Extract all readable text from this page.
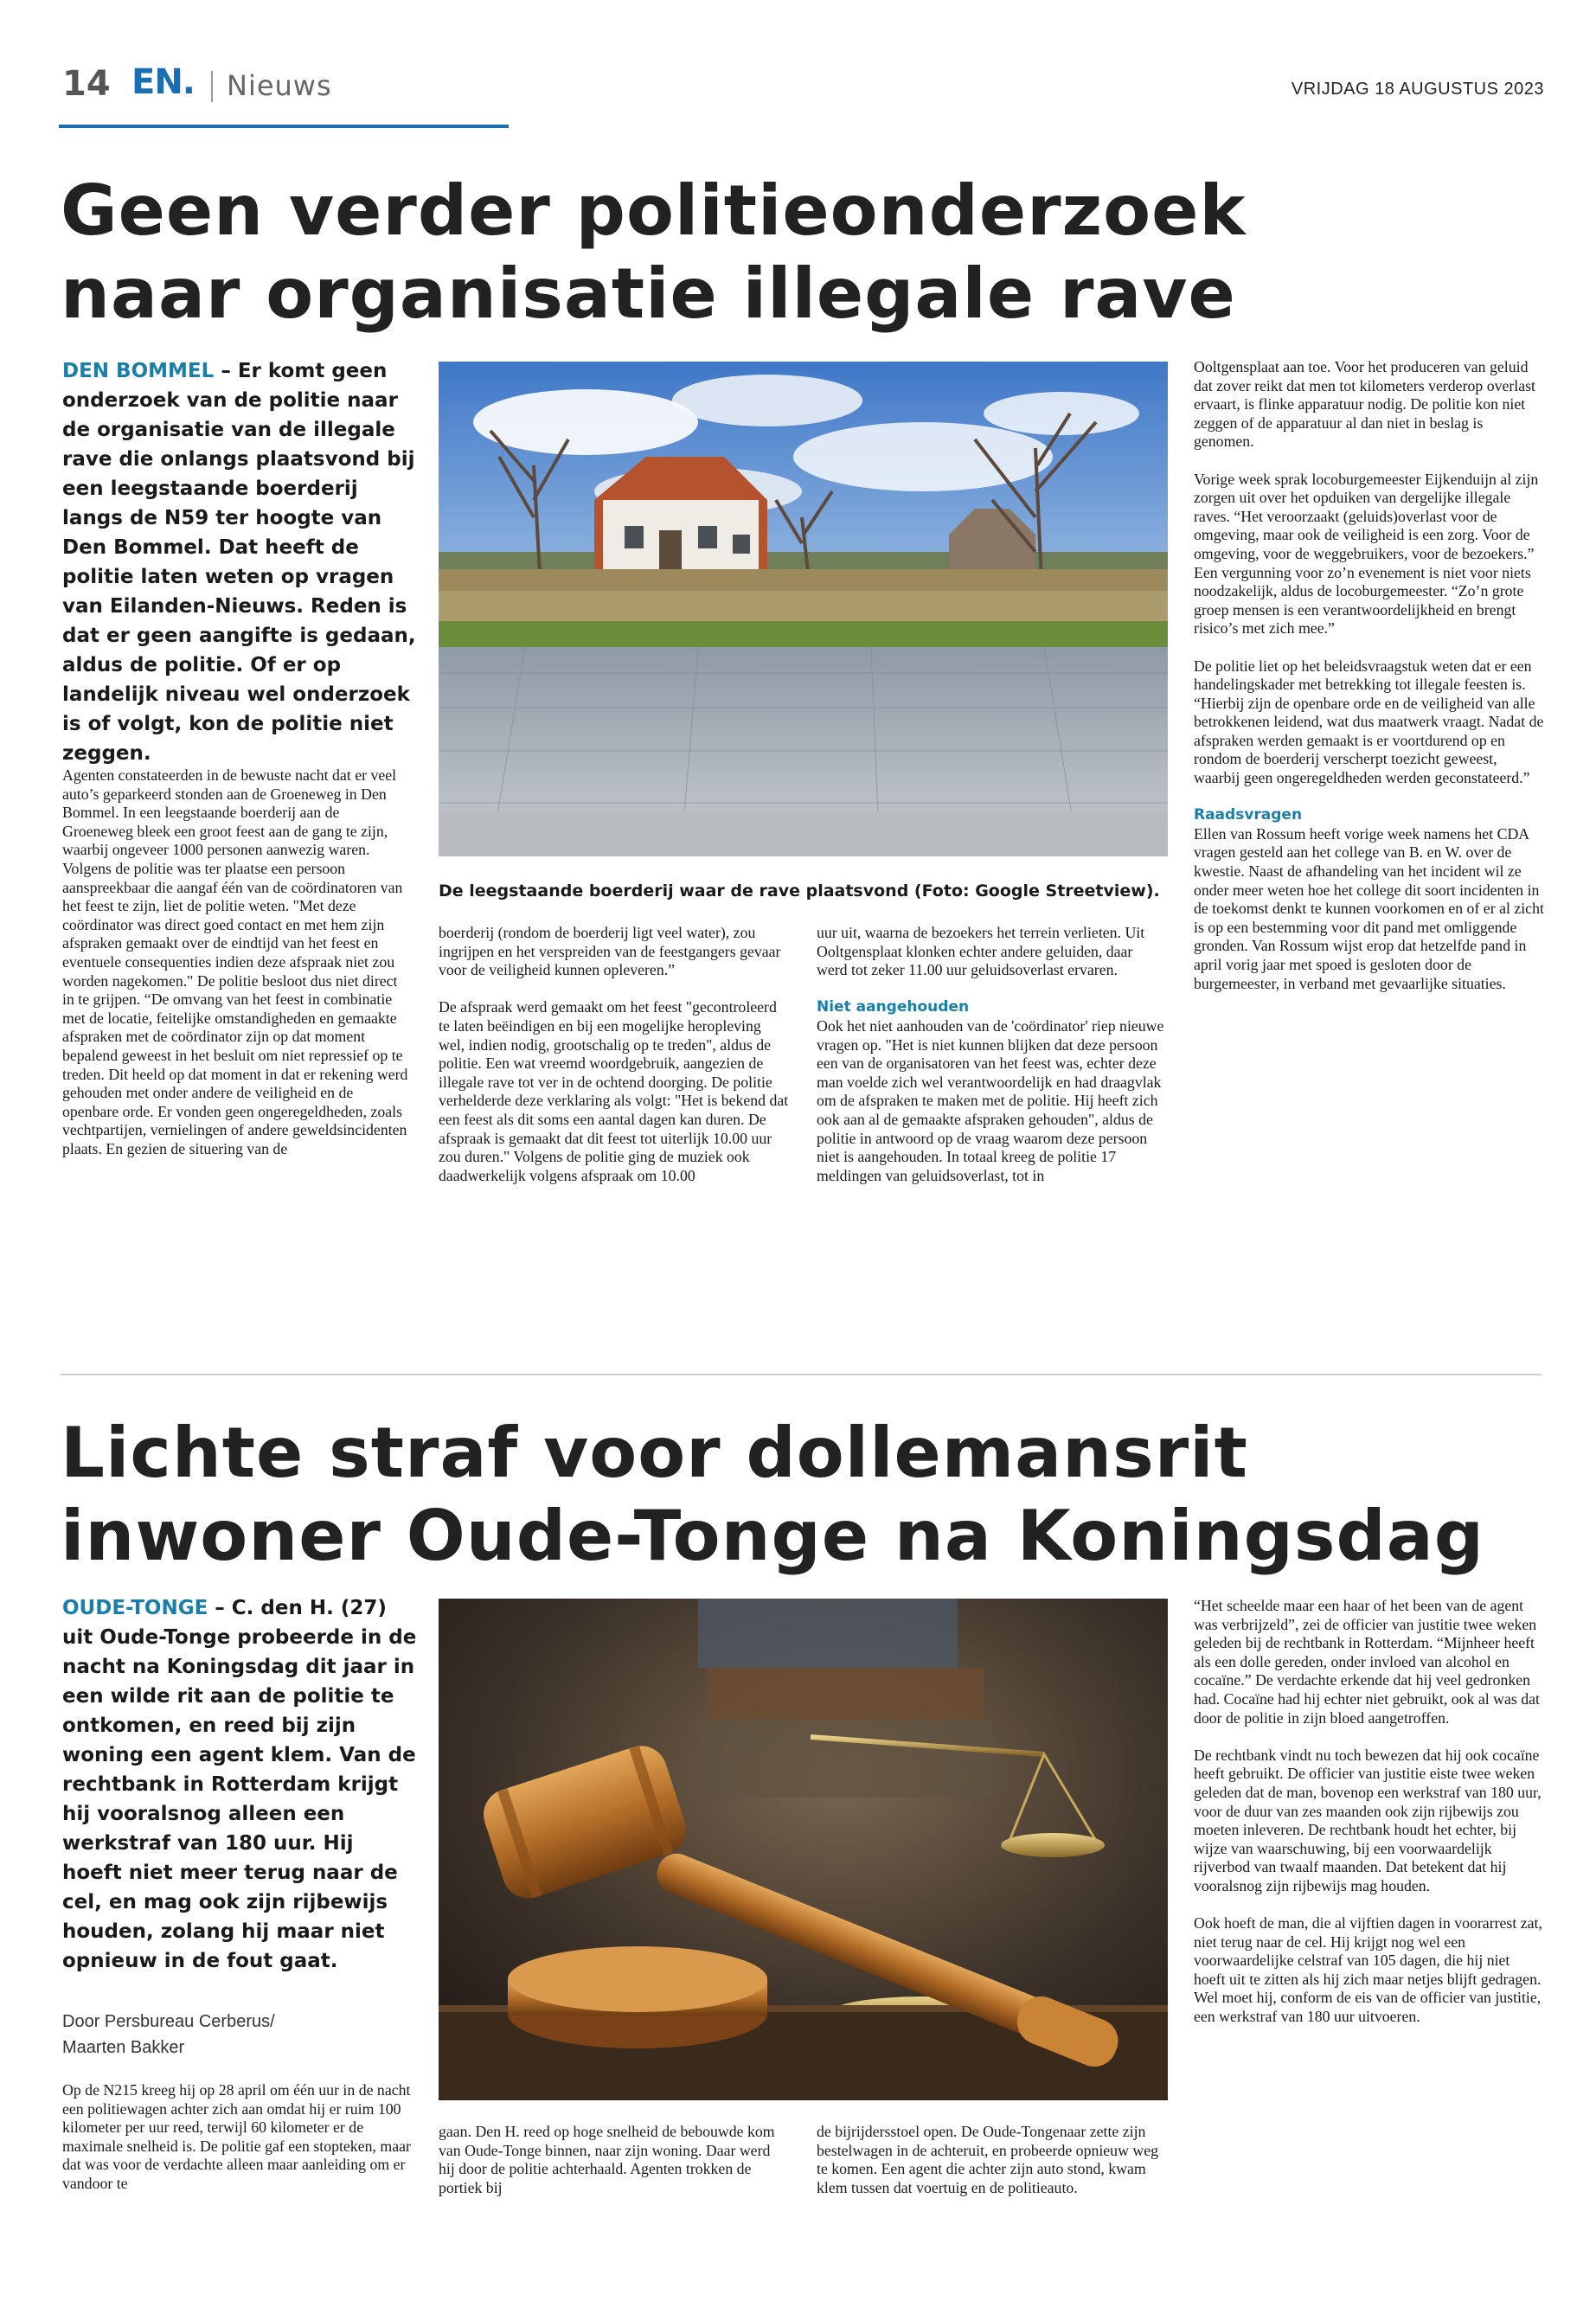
14 EN. Nieuws	VRIJDAG 18 AUGUSTUS 2023
Geen verder politieonderzoek
naar organisatie illegale rave
DEN BOMMEL – Er komt geen onderzoek van de politie naar de organisatie van de illegale rave die onlangs plaatsvond bij een leegstaande boerderij langs de N59 ter hoogte van Den Bommel. Dat heeft de politie laten weten op vragen van Eilanden-Nieuws. Reden is dat er geen aangifte is gedaan, aldus de politie. Of er op landelijk niveau wel onderzoek is of volgt, kon de politie niet zeggen.

Agenten constateerden in de bewuste nacht dat er veel auto’s geparkeerd stonden aan de Groeneweg in Den Bommel. In een leegstaande boerderij aan de Groeneweg bleek een groot feest aan de gang te zijn, waarbij ongeveer 1000 personen aanwezig waren. Volgens de politie was ter plaatse een persoon aanspreekbaar die aangaf één van de coördinatoren van het feest te zijn, liet de politie weten. "Met deze coördinator was direct goed contact en met hem zijn afspraken gemaakt over de eindtijd van het feest en eventuele consequenties indien deze afspraak niet zou worden nagekomen." De politie besloot dus niet direct in te grijpen. “De omvang van het feest in combinatie met de locatie, feitelijke omstandigheden en gemaakte afspraken met de coördinator zijn op dat moment bepalend geweest in het besluit om niet repressief op te treden. Dit heeld op dat moment in dat er rekening werd gehouden met onder andere de veiligheid en de openbare orde. Er vonden geen ongeregeldheden, zoals vechtpartijen, vernielingen of andere geweldsincidenten plaats. En gezien de situering van de

De leegstaande boerderij waar de rave plaatsvond (Foto: Google Streetview).

boerderij (rondom de boerderij ligt veel water), zou ingrijpen en het verspreiden van de feestgangers gevaar voor de veiligheid kunnen opleveren.”

De afspraak werd gemaakt om het feest "gecontroleerd te laten beëindigen en bij een mogelijke heropleving wel, indien nodig, grootschalig op te treden", aldus de politie. Een wat vreemd woordgebruik, aangezien de illegale rave tot ver in de ochtend doorging. De politie verhelderde deze verklaring als volgt: "Het is bekend dat een feest als dit soms een aantal dagen kan duren. De afspraak is gemaakt dat dit feest tot uiterlijk 10.00 uur zou duren." Volgens de politie ging de muziek ook daadwerkelijk volgens afspraak om 10.00

uur uit, waarna de bezoekers het terrein verlieten. Uit Ooltgensplaat klonken echter andere geluiden, daar werd tot zeker 11.00 uur geluidsoverlast ervaren.

Niet aangehouden

Ook het niet aanhouden van de 'coördinator' riep nieuwe vragen op. "Het is niet kunnen blijken dat deze persoon een van de organisatoren van het feest was, echter deze man voelde zich wel verantwoordelijk en had draagvlak om de afspraken te maken met de politie. Hij heeft zich ook aan al de gemaakte afspraken gehouden", aldus de politie in antwoord op de vraag waarom deze persoon niet is aangehouden. In totaal kreeg de politie 17 meldingen van geluidsoverlast, tot in

Ooltgensplaat aan toe. Voor het produceren van geluid dat zover reikt dat men tot kilometers verderop overlast ervaart, is flinke apparatuur nodig. De politie kon niet zeggen of de apparatuur al dan niet in beslag is genomen.

Vorige week sprak locoburgemeester Eijkenduijn al zijn zorgen uit over het opduiken van dergelijke illegale raves. “Het veroorzaakt (geluids)overlast voor de omgeving, maar ook de veiligheid is een zorg. Voor de omgeving, voor de weggebruikers, voor de bezoekers.” Een vergunning voor zo’n evenement is niet voor niets noodzakelijk, aldus de locoburgemeester. “Zo’n grote groep mensen is een verantwoordelijkheid en brengt risico’s met zich mee.”

De politie liet op het beleidsvraagstuk weten dat er een handelingskader met betrekking tot illegale feesten is. “Hierbij zijn de openbare orde en de veiligheid van alle betrokkenen leidend, wat dus maatwerk vraagt. Nadat de afspraken werden gemaakt is er voortdurend op en rondom de boerderij verscherpt toezicht geweest, waarbij geen ongeregeldheden werden geconstateerd.”

Raadsvragen

Ellen van Rossum heeft vorige week namens het CDA vragen gesteld aan het college van B. en W. over de kwestie. Naast de afhandeling van het incident wil ze onder meer weten hoe het college dit soort incidenten in de toekomst denkt te kunnen voorkomen en of er al zicht is op een bestemming voor dit pand met omliggende gronden. Van Rossum wijst erop dat hetzelfde pand in april vorig jaar met spoed is gesloten door de burgemeester, in verband met gevaarlijke situaties.

Lichte straf voor dollemansrit
inwoner Oude-Tonge na Koningsdag
OUDE-TONGE – C. den H. (27) uit Oude-Tonge probeerde in de nacht na Koningsdag dit jaar in een wilde rit aan de politie te ontkomen, en reed bij zijn woning een agent klem. Van de rechtbank in Rotterdam krijgt hij vooralsnog alleen een werkstraf van 180 uur. Hij hoeft niet meer terug naar de cel, en mag ook zijn rijbewijs houden, zolang hij maar niet opnieuw in de fout gaat.
Door Persbureau Cerberus/
Maarten Bakker

Op de N215 kreeg hij op 28 april om één uur in de nacht een politiewagen achter zich aan omdat hij er ruim 100 kilometer per uur reed, terwijl 60 kilometer er de maximale snelheid is. De politie gaf een stopteken, maar dat was voor de verdachte alleen maar aanleiding om er vandoor te

gaan. Den H. reed op hoge snelheid de bebouwde kom van Oude-Tonge binnen, naar zijn woning. Daar werd hij door de politie achterhaald. Agenten trokken de portiek bij

de bijrijdersstoel open. De Oude-Tongenaar zette zijn bestelwagen in de achteruit, en probeerde opnieuw weg te komen. Een agent die achter zijn auto stond, kwam klem tussen dat voertuig en de politieauto.

“Het scheelde maar een haar of het been van de agent was verbrijzeld”, zei de officier van justitie twee weken geleden bij de rechtbank in Rotterdam. “Mijnheer heeft als een dolle gereden, onder invloed van alcohol en cocaïne.” De verdachte erkende dat hij veel gedronken had. Cocaïne had hij echter niet gebruikt, ook al was dat door de politie in zijn bloed aangetroffen.

De rechtbank vindt nu toch bewezen dat hij ook cocaïne heeft gebruikt. De officier van justitie eiste twee weken geleden dat de man, bovenop een werkstraf van 180 uur, voor de duur van zes maanden ook zijn rijbewijs zou moeten inleveren. De rechtbank houdt het echter, bij wijze van waarschuwing, bij een voorwaardelijk rijverbod van twaalf maanden. Dat betekent dat hij vooralsnog zijn rijbewijs mag houden.

Ook hoeft de man, die al vijftien dagen in voorarrest zat, niet terug naar de cel. Hij krijgt nog wel een voorwaardelijke celstraf van 105 dagen, die hij niet hoeft uit te zitten als hij zich maar netjes blijft gedragen. Wel moet hij, conform de eis van de officier van justitie, een werkstraf van 180 uur uitvoeren.
